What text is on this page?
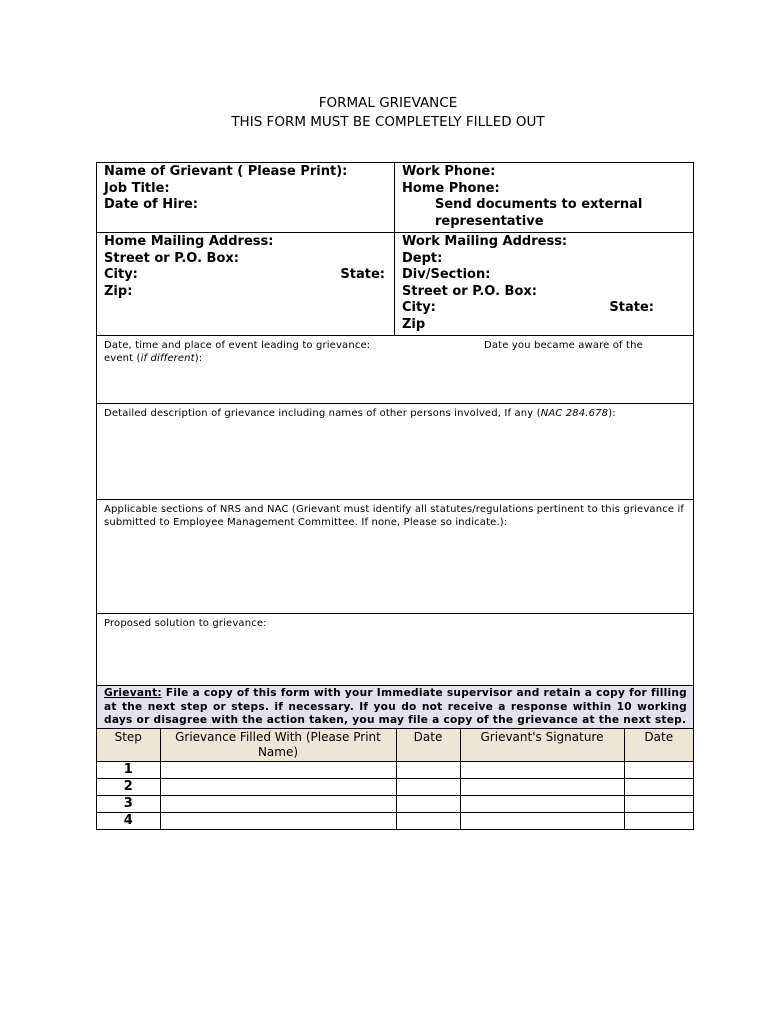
FORMAL GRIEVANCE
THIS FORM MUST BE COMPLETELY FILLED OUT
Name of Grievant ( Please Print):
Job Title:
Date of Hire:
Work Phone:
Home Phone:
Send documents to external representative
Home Mailing Address:
Street or P.O. Box:
City:	State:
Zip:
Work Mailing Address:
Dept:
Div/Section:
Street or P.O. Box:
City:	State:
Zip
Date, time and place of event leading to grievance:	Date you became aware of the
event (if different):
Detailed description of grievance including names of other persons involved, If any (NAC 284.678):
Applicable sections of NRS and NAC (Grievant must identify all statutes/regulations pertinent to this grievance if submitted to Employee Management Committee. If none, Please so indicate.):
Proposed solution to grievance:
Grievant: File a copy of this form with your Immediate supervisor and retain a copy for filling at the next step or steps. if necessary. If you do not receive a response within 10 working days or disagree with the action taken, you may file a copy of the grievance at the next step.
Step	Grievance Filled With (Please Print Name)	Date	Grievant's Signature	Date
1				
2				
3				
4				
